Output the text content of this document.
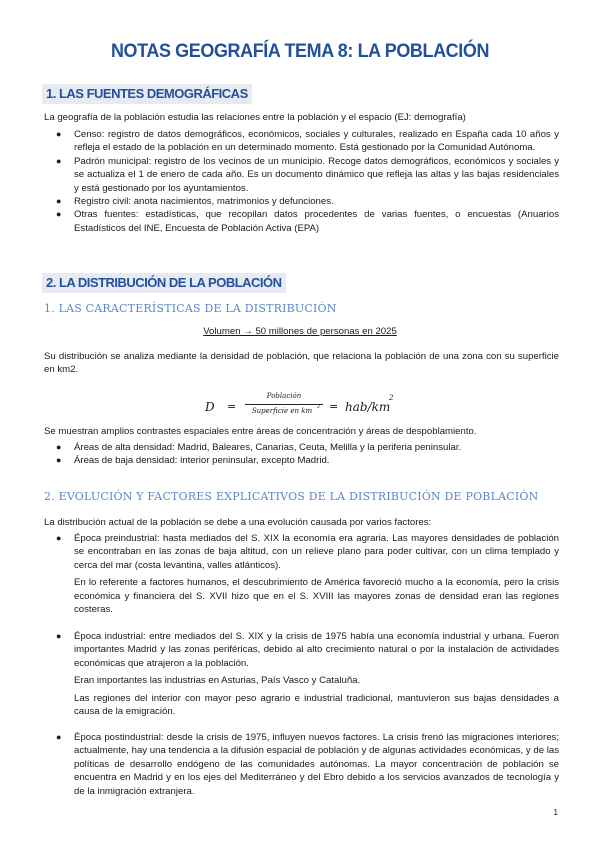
NOTAS GEOGRAFÍA TEMA 8: LA POBLACIÓN
1. LAS FUENTES DEMOGRÁFICAS
La geografía de la población estudia las relaciones entre la población y el espacio (EJ: demografía)
● Censo: registro de datos demográficos, económicos, sociales y culturales, realizado en España cada 10 años y refleja el estado de la población en un determinado momento. Está gestionado por la Comunidad Autónoma.
● Padrón municipal: registro de los vecinos de un municipio. Recoge datos demográficos, económicos y sociales y se actualiza el 1 de enero de cada año. Es un documento dinámico que refleja las altas y las bajas residenciales y está gestionado por los ayuntamientos.
● Registro civil: anota nacimientos, matrimonios y defunciones.
● Otras fuentes: estadísticas, que recopilan datos procedentes de varias fuentes, o encuestas (Anuarios Estadísticos del INE, Encuesta de Población Activa (EPA)
2. LA DISTRIBUCIÓN DE LA POBLACIÓN
1. LAS CARACTERÍSTICAS DE LA DISTRIBUCIÓN
Volumen → 50 millones de personas en 2025
Su distribución se analiza mediante la densidad de población, que relaciona la población de una zona con su superficie en km2.
D =
Población
Superficie en km 2 = hab/km
2
Se muestran amplios contrastes espaciales entre áreas de concentración y áreas de despoblamiento.
● Áreas de alta densidad: Madrid, Baleares, Canarias, Ceuta, Melilla y la periferia peninsular.
● Áreas de baja densidad: interior peninsular, excepto Madrid.
2. EVOLUCIÓN Y FACTORES EXPLICATIVOS DE LA DISTRIBUCIÓN DE POBLACIÓN
La distribución actual de la población se debe a una evolución causada por varios factores:
● Época preindustrial: hasta mediados del S. XIX la economía era agraria. Las mayores densidades de población se encontraban en las zonas de baja altitud, con un relieve plano para poder cultivar, con un clima templado y cerca del mar (costa levantina, valles atlánticos).
En lo referente a factores humanos, el descubrimiento de América favoreció mucho a la economía, pero la crisis económica y financiera del S. XVII hizo que en el S. XVIII las mayores zonas de densidad eran las regiones costeras.
● Época industrial: entre mediados del S. XIX y la crisis de 1975 había una economía industrial y urbana. Fueron importantes Madrid y las zonas periféricas, debido al alto crecimiento natural o por la instalación de actividades económicas que atrajeron a la población.
Eran importantes las industrias en Asturias, País Vasco y Cataluña.
Las regiones del interior con mayor peso agrario e industrial tradicional, mantuvieron sus bajas densidades a causa de la emigración.
● Época postindustrial: desde la crisis de 1975, influyen nuevos factores. La crisis frenó las migraciones interiores; actualmente, hay una tendencia a la difusión espacial de población y de algunas actividades económicas, y de las políticas de desarrollo endógeno de las comunidades autónomas. La mayor concentración de población se encuentra en Madrid y en los ejes del Mediterráneo y del Ebro debido a los servicios avanzados de tecnología y de la inmigración extranjera.
1
